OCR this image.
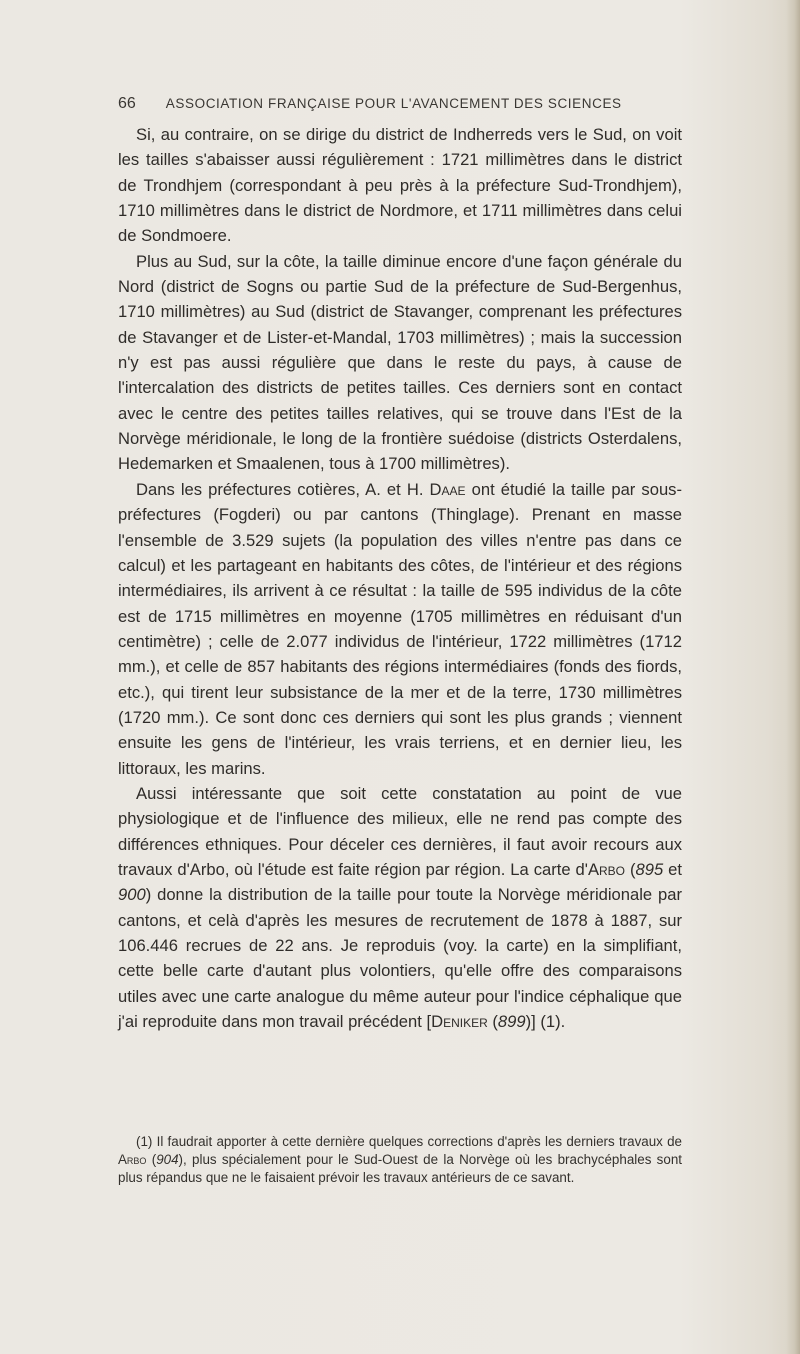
66 ASSOCIATION FRANÇAISE POUR L'AVANCEMENT DES SCIENCES

Si, au contraire, on se dirige du district de Indherreds vers le Sud, on voit les tailles s'abaisser aussi régulièrement : 1721 millimètres dans le district de Trondhjem (correspondant à peu près à la préfecture Sud-Trondhjem), 1710 millimètres dans le district de Nordmore, et 1711 millimètres dans celui de Sondmoere.

Plus au Sud, sur la côte, la taille diminue encore d'une façon générale du Nord (district de Sogns ou partie Sud de la préfecture de Sud-Bergenhus, 1710 millimètres) au Sud (district de Stavanger, comprenant les préfectures de Stavanger et de Lister-et-Mandal, 1703 millimètres) ; mais la succession n'y est pas aussi régulière que dans le reste du pays, à cause de l'intercalation des districts de petites tailles. Ces derniers sont en contact avec le centre des petites tailles relatives, qui se trouve dans l'Est de la Norvège méridionale, le long de la frontière suédoise (districts Osterdalens, Hedemarken et Smaalenen, tous à 1700 millimètres).

Dans les préfectures cotières, A. et H. Daae ont étudié la taille par sous-préfectures (Fogderi) ou par cantons (Thinglage). Prenant en masse l'ensemble de 3.529 sujets (la population des villes n'entre pas dans ce calcul) et les partageant en habitants des côtes, de l'intérieur et des régions intermédiaires, ils arrivent à ce résultat : la taille de 595 individus de la côte est de 1715 millimètres en moyenne (1705 millimètres en réduisant d'un centimètre) ; celle de 2.077 individus de l'intérieur, 1722 millimètres (1712 mm.), et celle de 857 habitants des régions intermédiaires (fonds des fiords, etc.), qui tirent leur subsistance de la mer et de la terre, 1730 millimètres (1720 mm.). Ce sont donc ces derniers qui sont les plus grands ; viennent ensuite les gens de l'intérieur, les vrais terriens, et en dernier lieu, les littoraux, les marins.

Aussi intéressante que soit cette constatation au point de vue physiologique et de l'influence des milieux, elle ne rend pas compte des différences ethniques. Pour déceler ces dernières, il faut avoir recours aux travaux d'Arbo, où l'étude est faite région par région. La carte d'Arbo (895 et 900) donne la distribution de la taille pour toute la Norvège méridionale par cantons, et celà d'après les mesures de recrutement de 1878 à 1887, sur 106.446 recrues de 22 ans. Je reproduis (voy. la carte) en la simplifiant, cette belle carte d'autant plus volontiers, qu'elle offre des comparaisons utiles avec une carte analogue du même auteur pour l'indice céphalique que j'ai reproduite dans mon travail précédent [Deniker (899)] (1).

(1) Il faudrait apporter à cette dernière quelques corrections d'après les derniers travaux de Arbo (904), plus spécialement pour le Sud-Ouest de la Norvège où les brachycéphales sont plus répandus que ne le faisaient prévoir les travaux antérieurs de ce savant.
